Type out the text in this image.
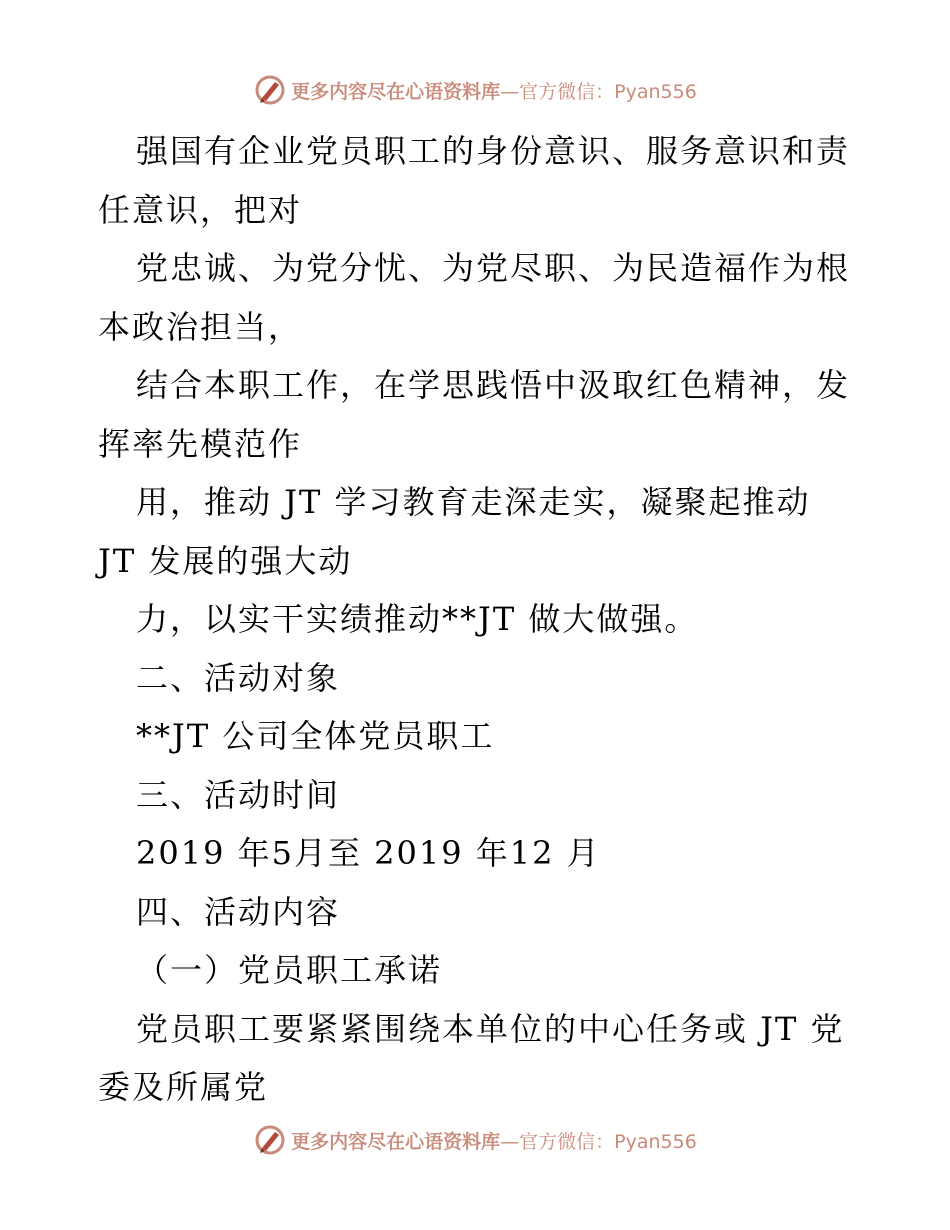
更多内容尽在心语资料库—官方微信：Pyan556
强国有企业党员职工的身份意识、服务意识和责
任意识，把对
党忠诚、为党分忧、为党尽职、为民造福作为根
本政治担当，
结合本职工作，在学思践悟中汲取红色精神，发
挥率先模范作
用，推动 JT 学习教育走深走实，凝聚起推动
JT 发展的强大动
力，以实干实绩推动**JT 做大做强。
二、活动对象
**JT 公司全体党员职工
三、活动时间
2019 年5月至 2019 年12 月
四、活动内容
（一）党员职工承诺
党员职工要紧紧围绕本单位的中心任务或 JT 党
委及所属党
更多内容尽在心语资料库—官方微信：Pyan556
